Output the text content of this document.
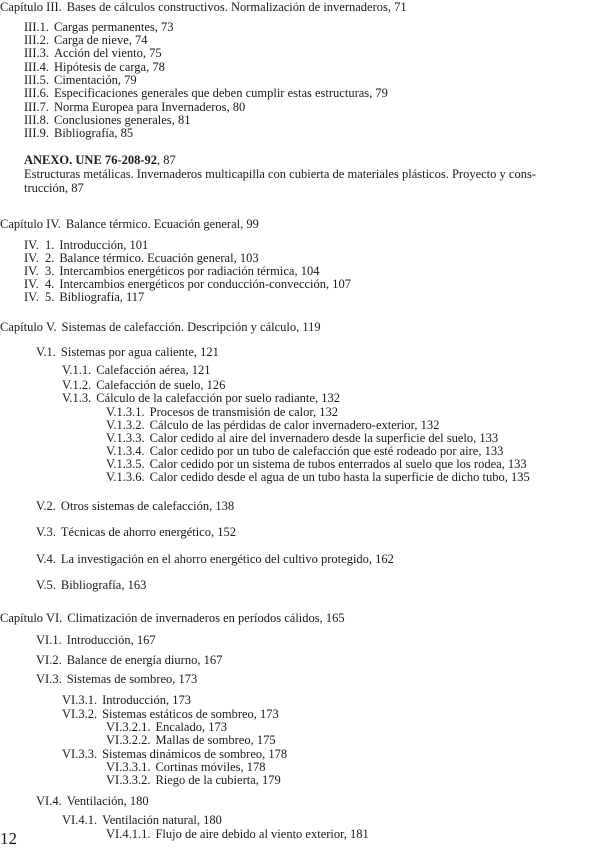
Capítulo III. Bases de cálculos constructivos. Normalización de invernaderos , 71
III.1. Cargas permanentes , 73
III.2. Carga de nieve , 74
III.3. Acción del viento , 75
III.4. Hipótesis de carga , 78
III.5. Cimentación , 79
III.6. Especificaciones generales que deben cumplir estas estructuras , 79
III.7. Norma Europea para Invernaderos , 80
III.8. Conclusiones generales , 81
III.9. Bibliografía , 85
ANEXO. UNE 76-208-92 , 87
Estructuras metálicas. Invernaderos multicapilla con cubierta de materiales plásticos. Proyecto y cons-
trucción, 87
Capítulo IV. Balance térmico. Ecuación general , 99
IV.  1. Introducción , 101
IV.  2. Balance térmico. Ecuación general , 103
IV.  3. Intercambios energéticos por radiación térmica , 104
IV.  4. Intercambios energéticos por conducción-convección , 107
IV.  5. Bibliografía , 117
Capítulo V. Sistemas de calefacción. Descripción y cálculo , 119
V.1. Sistemas por agua caliente , 121
V.1.1. Calefacción aérea , 121
V.1.2. Calefacción de suelo , 126
V.1.3. Cálculo de la calefacción por suelo radiante , 132
V.1.3.1. Procesos de transmisión de calor , 132
V.1.3.2. Cálculo de las pérdidas de calor invernadero-exterior , 132
V.1.3.3. Calor cedido al aire del invernadero desde la superficie del suelo , 133
V.1.3.4. Calor cedido por un tubo de calefacción que esté rodeado por aire , 133
V.1.3.5. Calor cedido por un sistema de tubos enterrados al suelo que los rodea , 133
V.1.3.6. Calor cedido desde el agua de un tubo hasta la superficie de dicho tubo , 135
V.2. Otros sistemas de calefacción , 138
V.3. Técnicas de ahorro energético , 152
V.4. La investigación en el ahorro energético del cultivo protegido , 162
V.5. Bibliografía , 163
Capítulo VI. Climatización de invernaderos en períodos cálidos , 165
VI.1. Introducción , 167
VI.2. Balance de energía diurno , 167
VI.3. Sistemas de sombreo , 173
VI.3.1. Introducción , 173
VI.3.2. Sistemas estáticos de sombreo , 173
VI.3.2.1. Encalado , 173
VI.3.2.2. Mallas de sombreo , 175
VI.3.3. Sistemas dinámicos de sombreo , 178
VI.3.3.1. Cortinas móviles , 178
VI.3.3.2. Riego de la cubierta , 179
VI.4. Ventilación , 180
VI.4.1. Ventilación natural , 180
VI.4.1.1. Flujo de aire debido al viento exterior , 181
12
